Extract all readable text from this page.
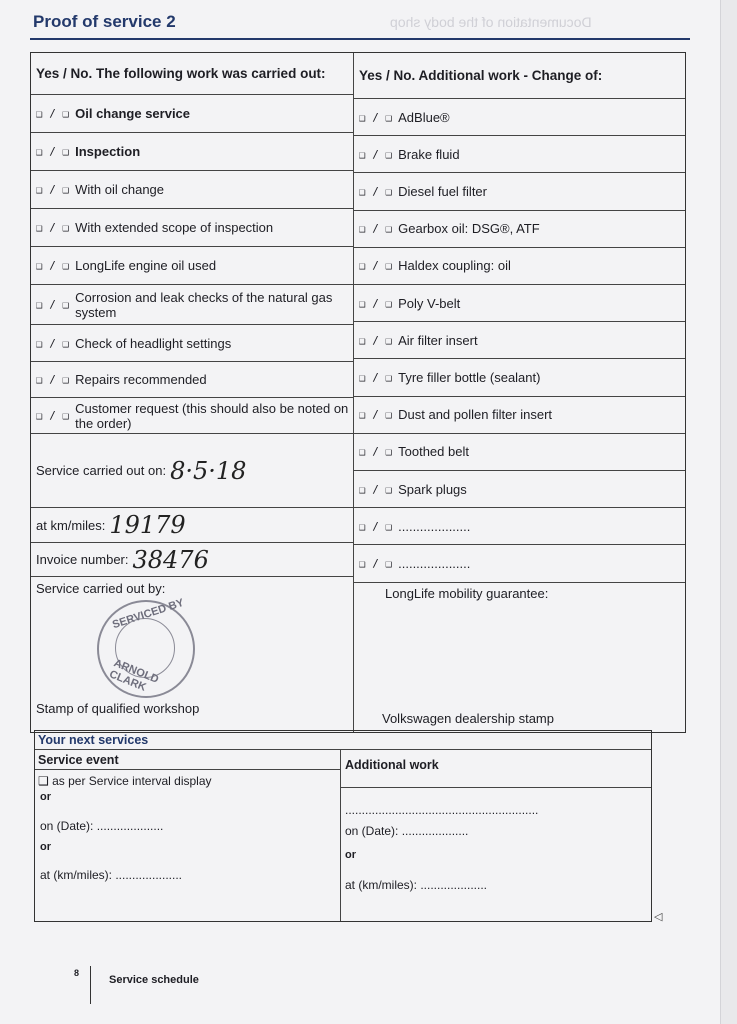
Documentation of the body shop
Proof of service 2
Yes / No. The following work was carried out:	Yes / No. Additional work - Change of:
❑ / ❑ Oil change service
❑ / ❑ Inspection
❑ / ❑ With oil change
❑ / ❑ With extended scope of inspection
❑ / ❑ LongLife engine oil used
❑ / ❑ Corrosion and leak checks of the natural gas system
❑ / ❑ Check of headlight settings
❑ / ❑ Repairs recommended
❑ / ❑ Customer request (this should also be noted on the order)
❑ / ❑ AdBlue®
❑ / ❑ Brake fluid
❑ / ❑ Diesel fuel filter
❑ / ❑ Gearbox oil: DSG®, ATF
❑ / ❑ Haldex coupling: oil
❑ / ❑ Poly V-belt
❑ / ❑ Air filter insert
❑ / ❑ Tyre filler bottle (sealant)
❑ / ❑ Dust and pollen filter insert
❑ / ❑ Toothed belt
❑ / ❑ Spark plugs
❑ / ❑ ....................
❑ / ❑ ....................
Service carried out on: 8·5·18
at km/miles: 19179
Invoice number: 38476
Service carried out by:
Stamp of qualified workshop
LongLife mobility guarantee:
Volkswagen dealership stamp
SERVICED BY
ARNOLD CLARK
Your next services
Service event	Additional work
❑ as per Service interval display
or
on (Date): ....................
or
at (km/miles): ....................
..........................................................
on (Date): ....................
or
at (km/miles): ....................
◁
8
Service schedule
